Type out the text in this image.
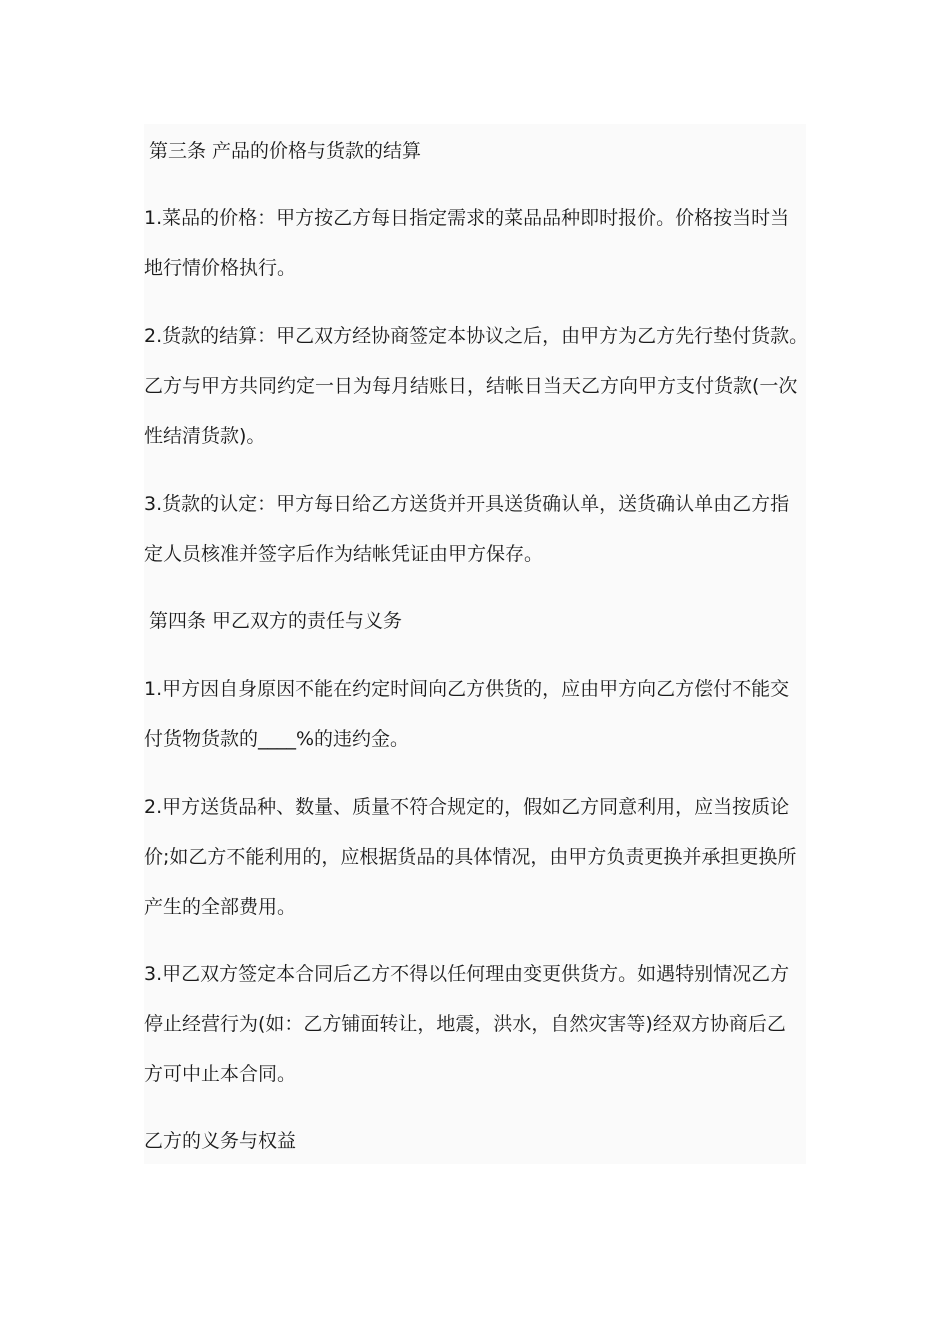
第三条 产品的价格与货款的结算
1.菜品的价格：甲方按乙方每日指定需求的菜品品种即时报价。价格按当时当
地行情价格执行。
2.货款的结算：甲乙双方经协商签定本协议之后，由甲方为乙方先行垫付货款。
乙方与甲方共同约定一日为每月结账日，结帐日当天乙方向甲方支付货款(一次
性结清货款)。
3.货款的认定：甲方每日给乙方送货并开具送货确认单，送货确认单由乙方指
定人员核准并签字后作为结帐凭证由甲方保存。
第四条 甲乙双方的责任与义务
1.甲方因自身原因不能在约定时间向乙方供货的，应由甲方向乙方偿付不能交
付货物货款的____%的违约金。
2.甲方送货品种、数量、质量不符合规定的，假如乙方同意利用，应当按质论
价;如乙方不能利用的，应根据货品的具体情况，由甲方负责更换并承担更换所
产生的全部费用。
3.甲乙双方签定本合同后乙方不得以任何理由变更供货方。如遇特别情况乙方
停止经营行为(如：乙方铺面转让，地震，洪水，自然灾害等)经双方协商后乙
方可中止本合同。
乙方的义务与权益
